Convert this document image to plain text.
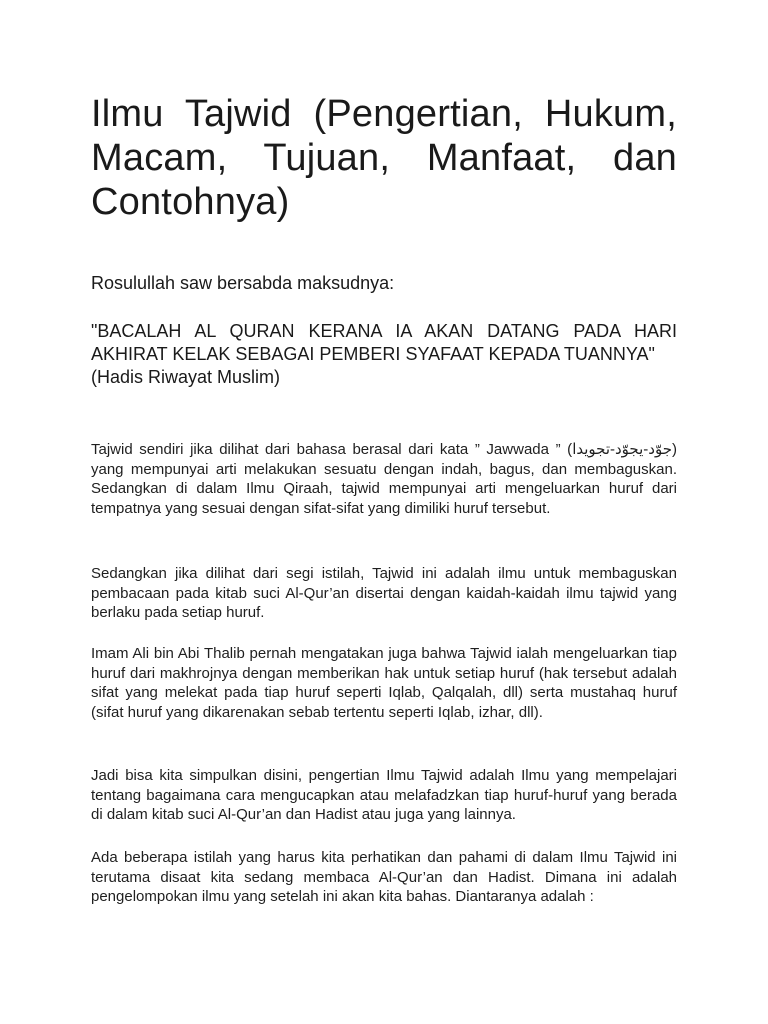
Ilmu Tajwid (Pengertian, Hukum, Macam, Tujuan, Manfaat, dan Contohnya)

Rosulullah saw bersabda maksudnya:

"BACALAH AL QURAN KERANA IA AKAN DATANG PADA HARI AKHIRAT KELAK SEBAGAI PEMBERI SYAFAAT KEPADA TUANNYA"
(Hadis Riwayat Muslim)

Tajwid sendiri jika dilihat dari bahasa berasal dari kata ” Jawwada ” (جوّد-يجوّد-تجويدا) yang mempunyai arti melakukan sesuatu dengan indah, bagus, dan membaguskan. Sedangkan di dalam Ilmu Qiraah, tajwid mempunyai arti mengeluarkan huruf dari tempatnya yang sesuai dengan sifat-sifat yang dimiliki huruf tersebut.

Sedangkan jika dilihat dari segi istilah, Tajwid ini adalah ilmu untuk membaguskan pembacaan pada kitab suci Al-Qur’an disertai dengan kaidah-kaidah ilmu tajwid yang berlaku pada setiap huruf.

Imam Ali bin Abi Thalib pernah mengatakan juga bahwa Tajwid ialah mengeluarkan tiap huruf dari makhrojnya dengan memberikan hak untuk setiap huruf (hak tersebut adalah sifat yang melekat pada tiap huruf seperti Iqlab, Qalqalah, dll) serta mustahaq huruf (sifat huruf yang dikarenakan sebab tertentu seperti Iqlab, izhar, dll).

Jadi bisa kita simpulkan disini, pengertian Ilmu Tajwid adalah Ilmu yang mempelajari tentang bagaimana cara mengucapkan atau melafadzkan tiap huruf-huruf yang berada di dalam kitab suci Al-Qur’an dan Hadist atau juga yang lainnya.

Ada beberapa istilah yang harus kita perhatikan dan pahami di dalam Ilmu Tajwid ini terutama disaat kita sedang membaca Al-Qur’an dan Hadist. Dimana ini adalah pengelompokan ilmu yang setelah ini akan kita bahas. Diantaranya adalah :
